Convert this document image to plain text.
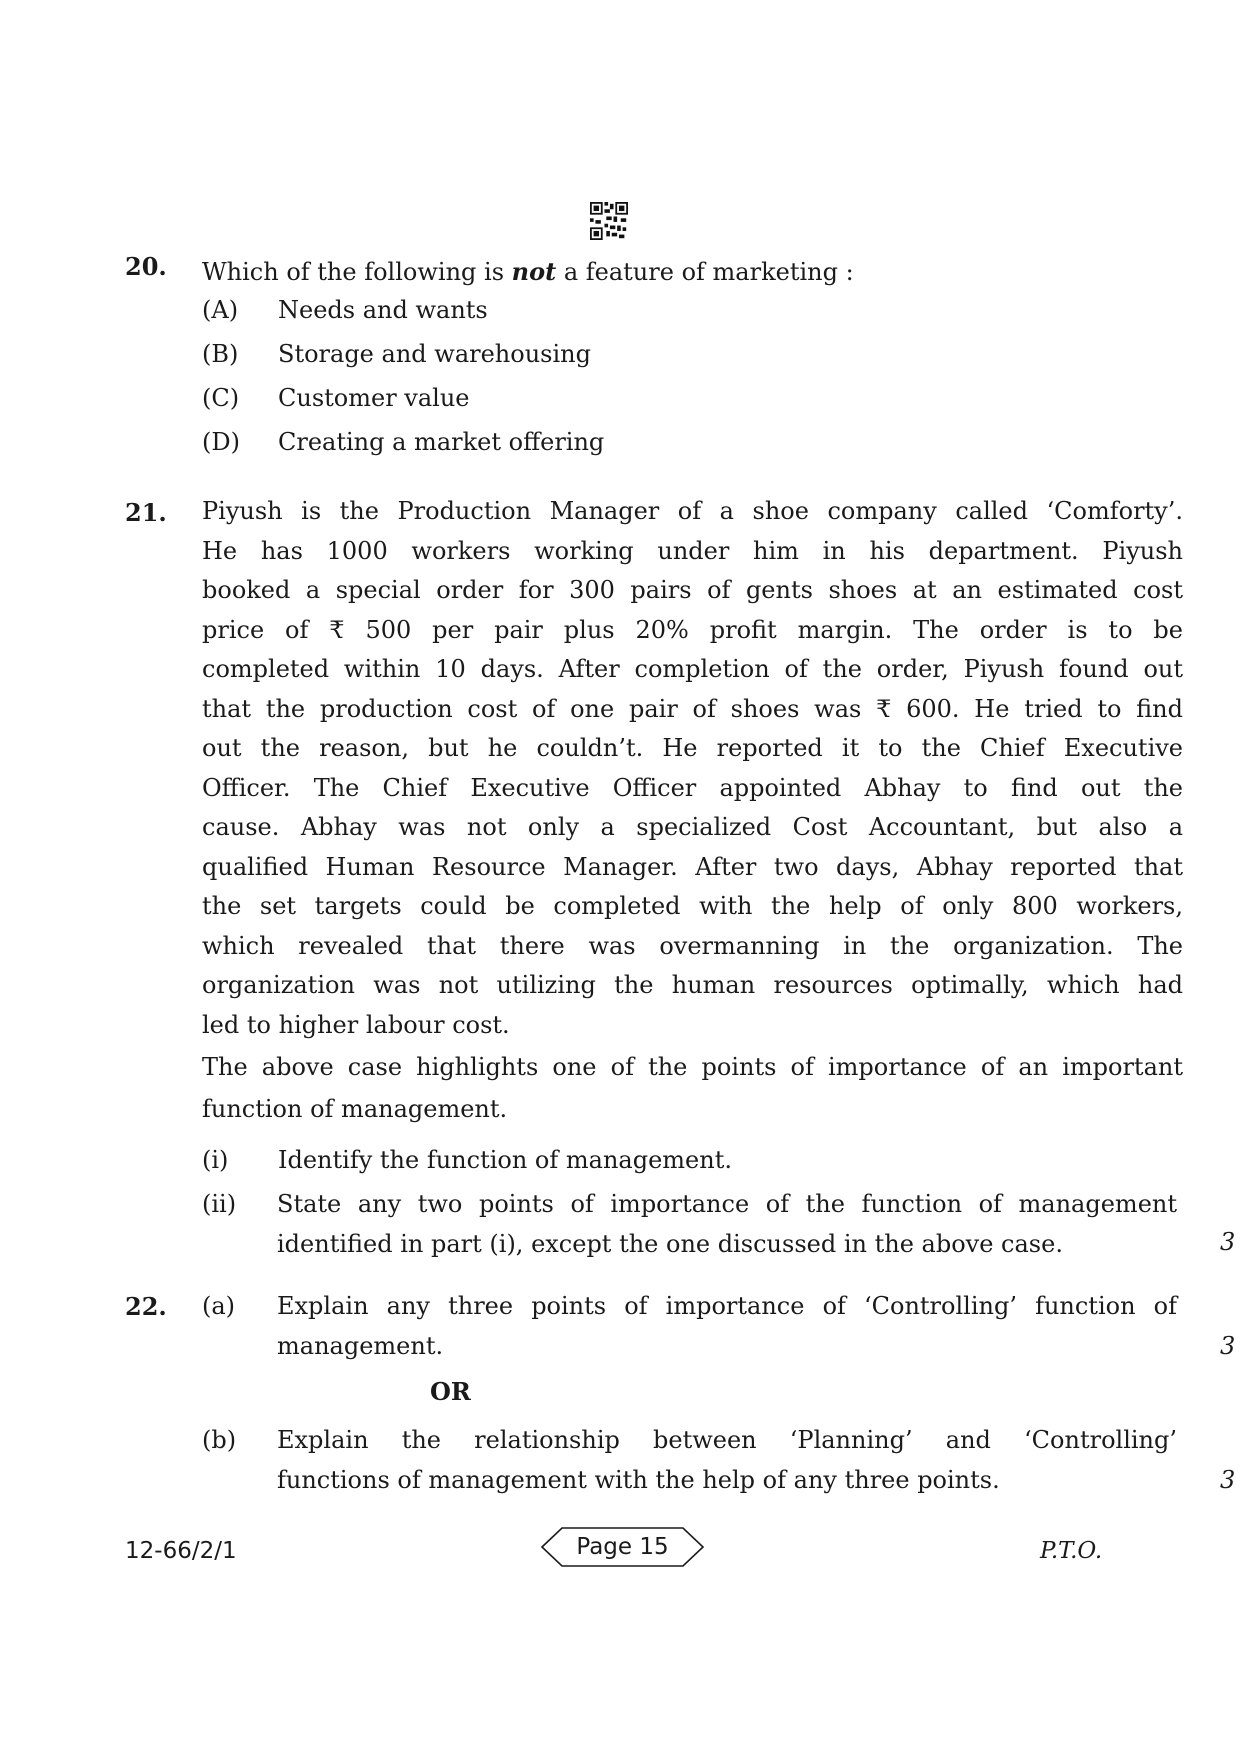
20. Which of the following is not a feature of marketing :
(A)	Needs and wants
(B)	Storage and warehousing
(C)	Customer value
(D)	Creating a market offering
21. Piyush is the Production Manager of a shoe company called ‘Comforty’.
He has 1000 workers working under him in his department. Piyush
booked a special order for 300 pairs of gents shoes at an estimated cost
price of ₹ 500 per pair plus 20% profit margin. The order is to be
completed within 10 days. After completion of the order, Piyush found out
that the production cost of one pair of shoes was ₹ 600. He tried to find
out the reason, but he couldn’t. He reported it to the Chief Executive
Officer. The Chief Executive Officer appointed Abhay to find out the
cause. Abhay was not only a specialized Cost Accountant, but also a
qualified Human Resource Manager. After two days, Abhay reported that
the set targets could be completed with the help of only 800 workers,
which revealed that there was overmanning in the organization. The
organization was not utilizing the human resources optimally, which had
led to higher labour cost.
The above case highlights one of the points of importance of an important
function of management.
(i)	Identify the function of management.
(ii)	State any two points of importance of the function of management
identified in part (i), except the one discussed in the above case.	3
22. (a)	Explain any three points of importance of ‘Controlling’ function of
management.	3
OR
(b)	Explain the relationship between ‘Planning’ and ‘Controlling’
functions of management with the help of any three points.	3
12-66/2/1	Page 15	P.T.O.
